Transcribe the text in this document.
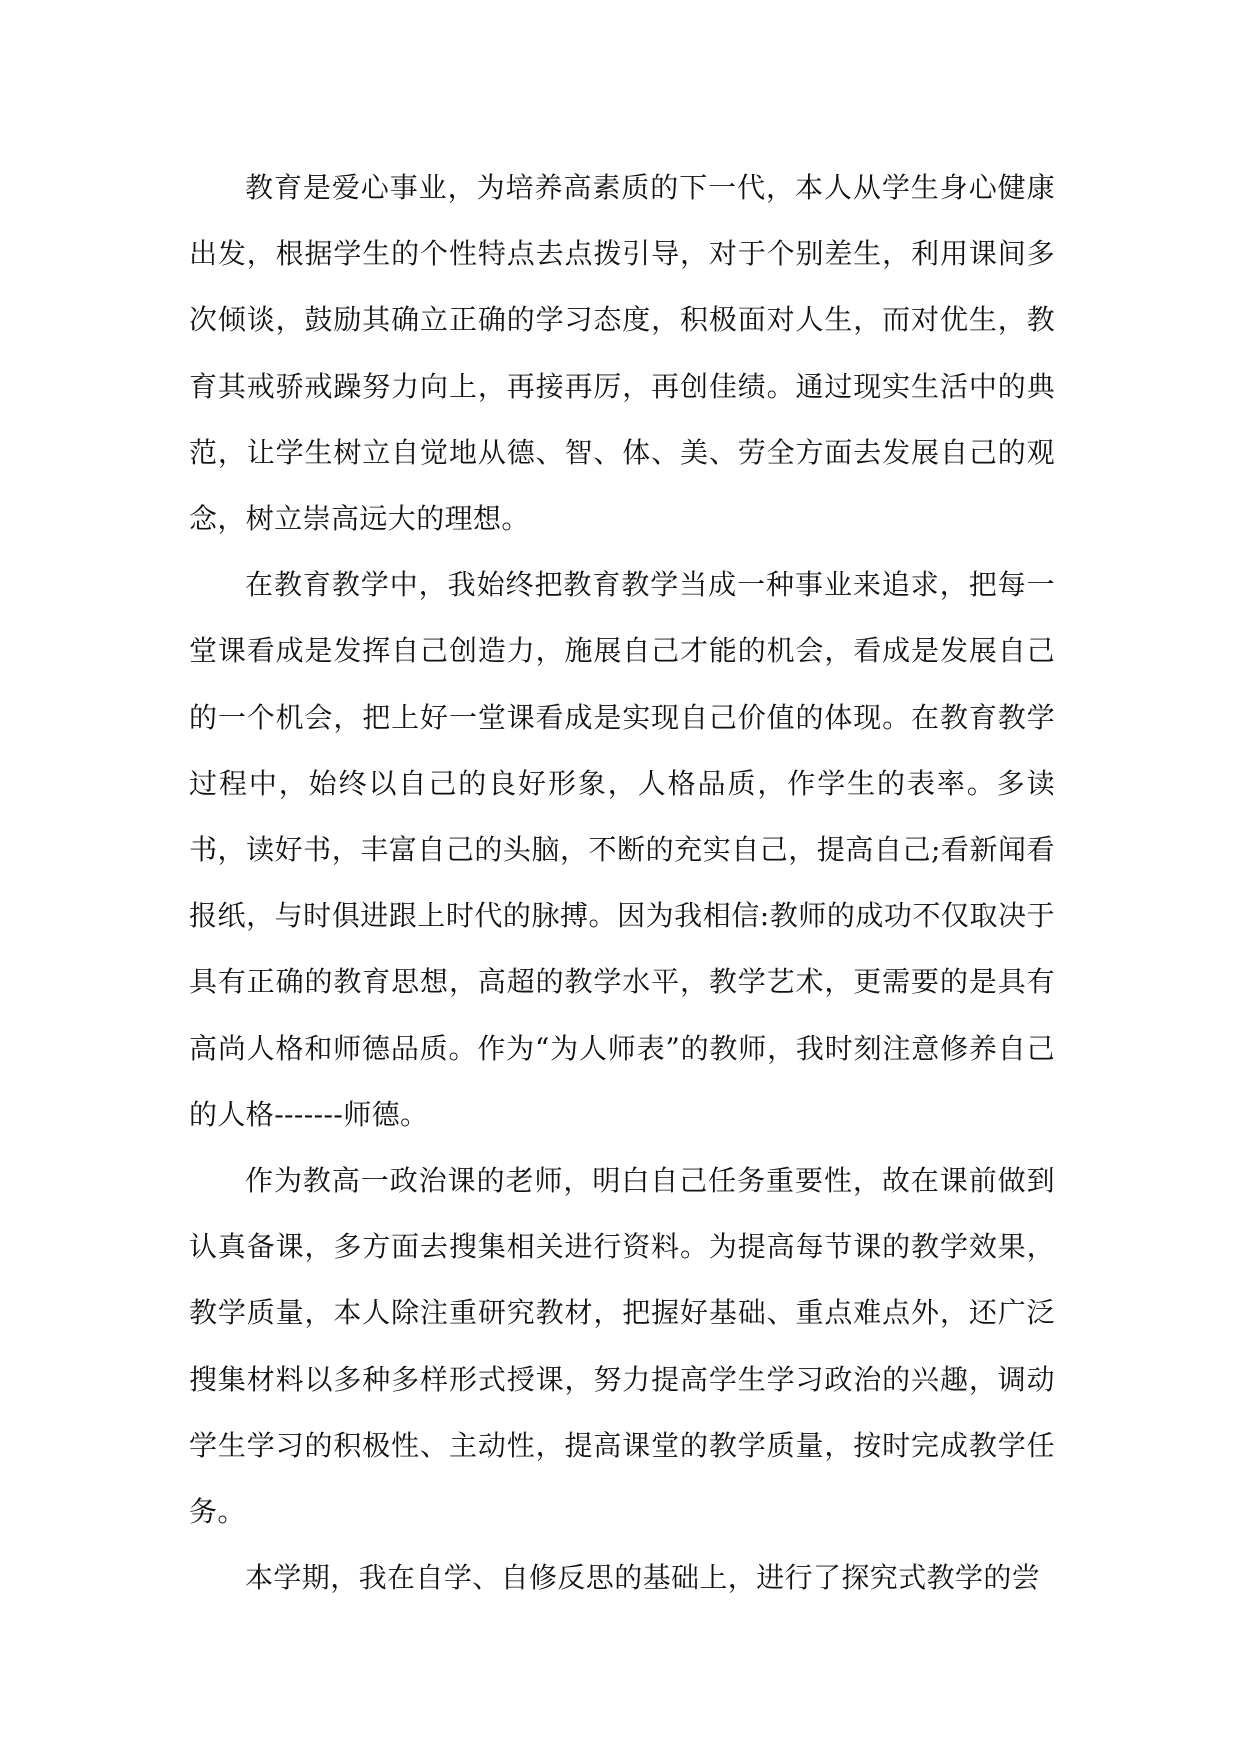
教育是爱心事业，为培养高素质的下一代，本人从学生身心健康出发，根据学生的个性特点去点拨引导，对于个别差生，利用课间多次倾谈，鼓励其确立正确的学习态度，积极面对人生，而对优生，教育其戒骄戒躁努力向上，再接再厉，再创佳绩。通过现实生活中的典范，让学生树立自觉地从德、智、体、美、劳全方面去发展自己的观念，树立崇高远大的理想。

在教育教学中，我始终把教育教学当成一种事业来追求，把每一堂课看成是发挥自己创造力，施展自己才能的机会，看成是发展自己的一个机会，把上好一堂课看成是实现自己价值的体现。在教育教学过程中，始终以自己的良好形象，人格品质，作学生的表率。多读书，读好书，丰富自己的头脑，不断的充实自己，提高自己;看新闻看报纸，与时俱进跟上时代的脉搏。因为我相信:教师的成功不仅取决于具有正确的教育思想，高超的教学水平，教学艺术，更需要的是具有高尚人格和师德品质。作为“为人师表”的教师，我时刻注意修养自己的人格-------师德。

作为教高一政治课的老师，明白自己任务重要性，故在课前做到认真备课，多方面去搜集相关进行资料。为提高每节课的教学效果，教学质量，本人除注重研究教材，把握好基础、重点难点外，还广泛搜集材料以多种多样形式授课，努力提高学生学习政治的兴趣，调动学生学习的积极性、主动性，提高课堂的教学质量，按时完成教学任务。

本学期，我在自学、自修反思的基础上，进行了探究式教学的尝
